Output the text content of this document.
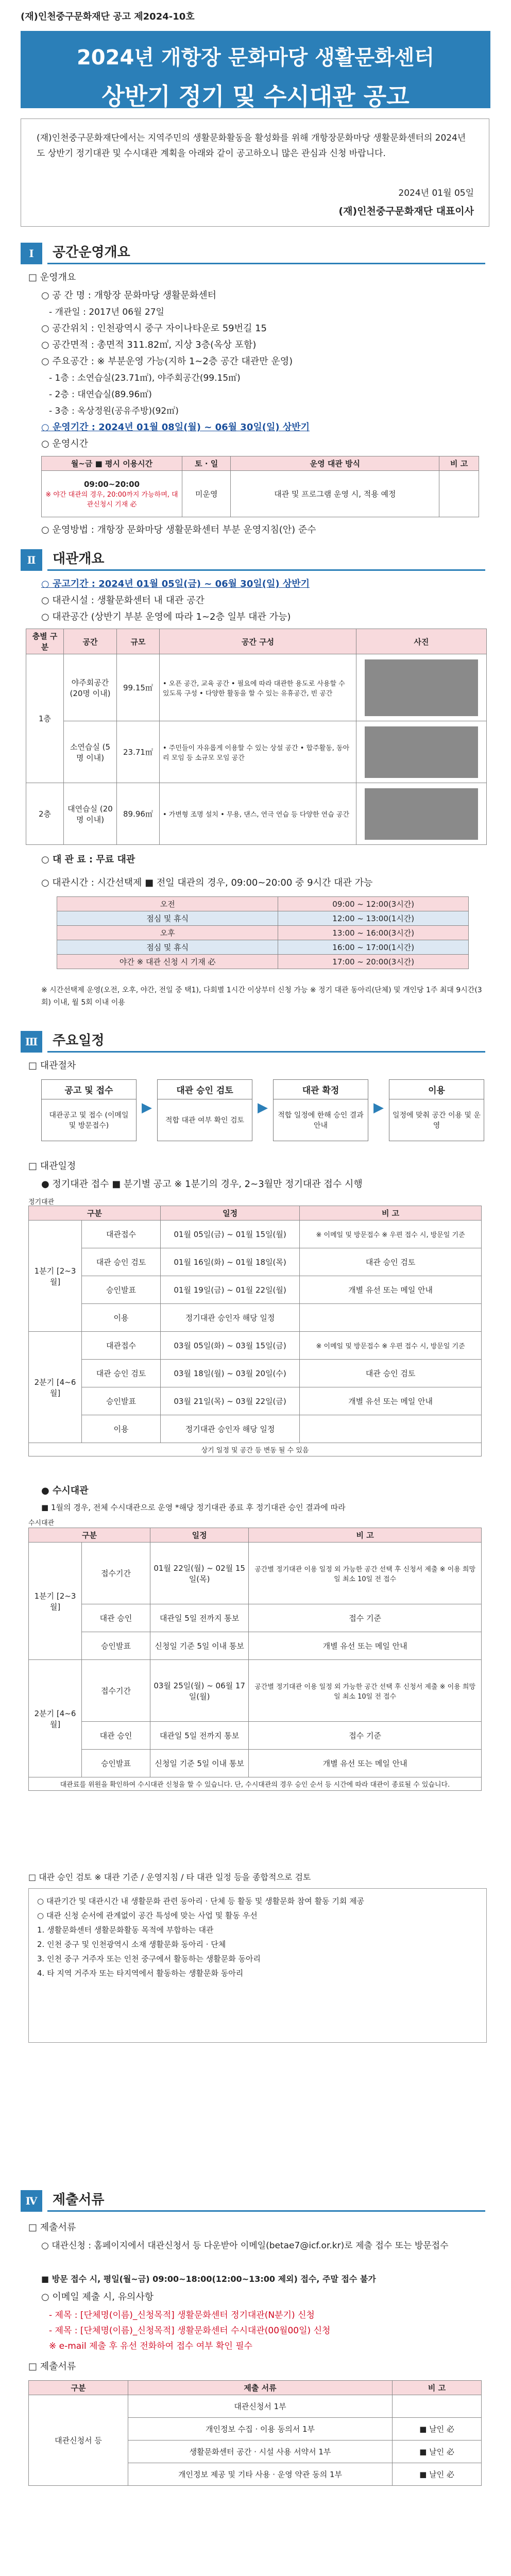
(재)인천중구문화재단 공고 제2024-10호
2024년 개항장 문화마당 생활문화센터
상반기 정기 및 수시대관 공고

(재)인천중구문화재단에서는 지역주민의 생활문화활동을 활성화를 위해 개항장문화마당 생활문화센터의 2024년도 상반기 정기대관 및 수시대관 계획을 아래와 같이 공고하오니 많은 관심과 신청 바랍니다.

2024년 01월 05일
(재)인천중구문화재단 대표이사
Ⅰ	공간운영개요
□ 운영개요
○ 공 간 명 : 개항장 문화마당 생활문화센터
- 개관일 : 2017년 06월 27일
○ 공간위치 : 인천광역시 중구 자이나타운로 59번길 15
○ 공간면적 : 총면적 311.82㎡, 지상 3층(옥상 포함)
○ 주요공간 : ※ 부분운영 가능(지하 1~2층 공간 대관만 운영)
- 1층 : 소연습실(23.71㎡), 야주회공간(99.15㎡)
- 2층 : 대연습실(89.96㎡)
- 3층 : 옥상정원(공유주방)(92㎡)
○ 운영기간 : 2024년 01월 08일(월) ~ 06월 30일(일) 상반기
○ 운영시간
월~금 ■ 평시 이용시간	토 · 일	운영 대관 방식	비 고

09:00~20:00
※ 야간 대관의 경우, 20:00까지 가능하며, 대관신청시 기재 必	미운영	대관 및 프로그램 운영 시, 적용 예정	
○ 운영방법 : 개항장 문화마당 생활문화센터 부분 운영지침(안) 준수
Ⅱ	대관개요
○ 공고기간 : 2024년 01월 05일(금) ~ 06월 30일(일) 상반기
○ 대관시설 : 생활문화센터 내 대관 공간
○ 대관공간 (상반기 부분 운영에 따라 1~2층 일부 대관 가능)
층별 구분	공간	규모	공간 구성	사진
1층	야주회공간 (20명 이내)	99.15㎡	• 오픈 공간, 교육 공간 • 필요에 따라 대관한 용도로 사용할 수 있도록 구성 • 다양한 활동을 할 수 있는 유휴공간, 빈 공간	

	소연습실 (5명 이내)	23.71㎡	• 주민들이 자유롭게 이용할 수 있는 상설 공간 • 합주활동, 동아리 모임 등 소규모 모임 공간	

2층	대연습실 (20명 이내)	89.96㎡	• 가변형 조명 설치 • 무용, 댄스, 연극 연습 등 다양한 연습 공간	
○ 대 관 료 : 무료 대관
○ 대관시간 : 시간선택제 ■ 전일 대관의 경우, 09:00~20:00 중 9시간 대관 가능
오전	09:00 ~ 12:00(3시간)
점심 및 휴식	12:00 ~ 13:00(1시간)
오후	13:00 ~ 16:00(3시간)
점심 및 휴식	16:00 ~ 17:00(1시간)
야간 ※ 대관 신청 시 기재 必	17:00 ~ 20:00(3시간)
※ 시간선택제 운영(오전, 오후, 야간, 전일 중 택1), 다회별 1시간 이상부터 신청 가능 ※ 정기 대관 동아리(단체) 및 개인당 1주 최대 9시간(3회) 이내, 월 5회 이내 이용
Ⅲ	주요일정
□ 대관절차
공고 및 접수
대관공고 및 접수 (이메일 및 방문접수)
▶
대관 승인 검토
적합 대관 여부 확인 검토
▶
대관 확정
적합 일정에 한해 승인 결과 안내
▶
이용
일정에 맞춰 공간 이용 및 운영
□ 대관일정
● 정기대관 접수 ■ 분기별 공고 ※ 1분기의 경우, 2~3월만 정기대관 접수 시행
정기대관
구분		일정	비 고
1분기 [2~3월]	대관접수	01월 05일(금) ~ 01월 15일(월)	※ 이메일 및 방문접수 ※ 우편 접수 시, 방문일 기준
	대관 승인 검토	01월 16일(화) ~ 01월 18일(목)	대관 승인 검토
	승인발표	01월 19일(금) ~ 01월 22일(월)	개별 유선 또는 메일 안내
	이용	정기대관 승인자 해당 일정	
2분기 [4~6월]	대관접수	03월 05일(화) ~ 03월 15일(금)	※ 이메일 및 방문접수 ※ 우편 접수 시, 방문일 기준
	대관 승인 검토	03월 18일(월) ~ 03월 20일(수)	대관 승인 검토
	승인발표	03월 21일(목) ~ 03월 22일(금)	개별 유선 또는 메일 안내
	이용	정기대관 승인자 해당 일정	
상기 일정 및 공간 등 변동 될 수 있음			
● 수시대관
■ 1월의 경우, 전체 수시대관으로 운영 *해당 정기대관 종료 후 정기대관 승인 결과에 따라
수시대관
구분		일정	비 고
1분기 [2~3월]	접수기간	01월 22일(월) ~ 02월 15일(목)	공간별 정기대관 이용 일정 외 가능한 공간 선택 후 신청서 제출 ※ 이용 희망일 최소 10일 전 접수
	대관 승인	대관일 5일 전까지 통보	접수 기준
	승인발표	신청일 기준 5일 이내 통보	개별 유선 또는 메일 안내
2분기 [4~6월]	접수기간	03월 25일(월) ~ 06월 17일(월)	공간별 정기대관 이용 일정 외 가능한 공간 선택 후 신청서 제출 ※ 이용 희망일 최소 10일 전 접수
	대관 승인	대관일 5일 전까지 통보	접수 기준
	승인발표	신청일 기준 5일 이내 통보	개별 유선 또는 메일 안내
대관료를 위원을 확인하여 수시대관 신청을 할 수 있습니다. 단, 수시대관의 경우 승인 순서 등 시간에 따라 대관이 종료될 수 있습니다.			
□ 대관 승인 검토 ※ 대관 기준 / 운영지침 / 타 대관 일정 등을 종합적으로 검토
○ 대관기간 및 대관시간 내 생활문화 관련 동아리 · 단체 등 활동 및 생활문화 참여 활동 기회 제공
○ 대관 신청 순서에 관계없이 공간 특성에 맞는 사업 및 활동 우선
1. 생활문화센터 생활문화활동 목적에 부합하는 대관
2. 인천 중구 및 인천광역시 소재 생활문화 동아리 · 단체
3. 인천 중구 거주자 또는 인천 중구에서 활동하는 생활문화 동아리
4. 타 지역 거주자 또는 타지역에서 활동하는 생활문화 동아리
Ⅳ	제출서류
□ 제출서류
○ 대관신청 : 홈페이지에서 대관신청서 등 다운받아 이메일(betae7@icf.or.kr)로 제출 접수 또는 방문접수
■ 방문 접수 시, 평일(월~금) 09:00~18:00(12:00~13:00 제외) 접수, 주말 접수 불가
○ 이메일 제출 시, 유의사항
- 제목 : [단체명(이름)_신청목적] 생활문화센터 정기대관(N분기) 신청
- 제목 : [단체명(이름)_신청목적] 생활문화센터 수시대관(00월00일) 신청
※ e-mail 제출 후 유선 전화하여 접수 여부 확인 필수
□ 제출서류
구분	제출 서류	비 고
대관신청서 등	대관신청서 1부	
	개인정보 수집 · 이용 동의서 1부	■ 날인 必
	생활문화센터 공간 · 시설 사용 서약서 1부	■ 날인 必
	개인정보 제공 및 기타 사용 · 운영 약관 동의 1부	■ 날인 必
